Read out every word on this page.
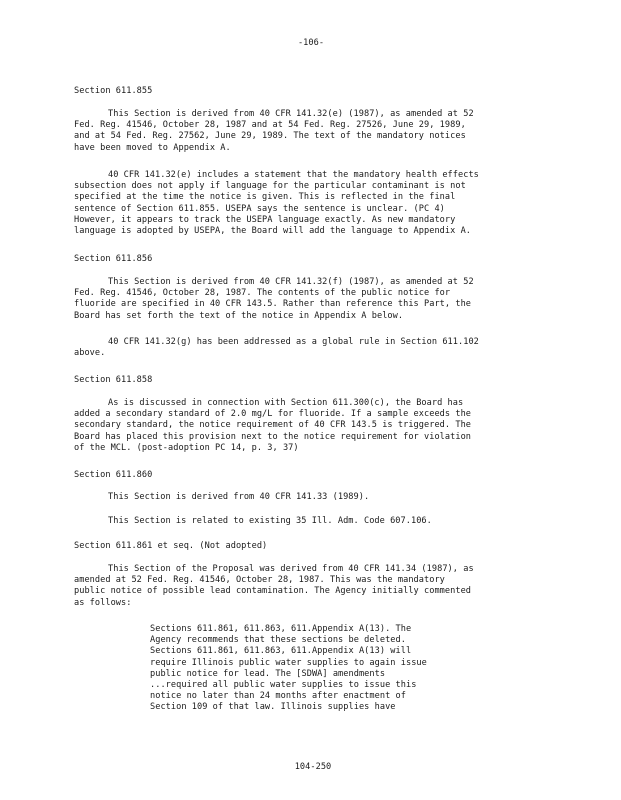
-106-
Section 611.855

This Section is derived from 40 CFR 141.32(e) (1987), as amended at 52
Fed. Reg. 41546, October 28, 1987 and at 54 Fed. Reg. 27526, June 29, 1989,
and at 54 Fed. Reg. 27562, June 29, 1989. The text of the mandatory notices
have been moved to Appendix A.

40 CFR 141.32(e) includes a statement that the mandatory health effects
subsection does not apply if language for the particular contaminant is not
specified at the time the notice is given. This is reflected in the final
sentence of Section 611.855. USEPA says the sentence is unclear. (PC 4)
However, it appears to track the USEPA language exactly. As new mandatory
language is adopted by USEPA, the Board will add the language to Appendix A.

Section 611.856

This Section is derived from 40 CFR 141.32(f) (1987), as amended at 52
Fed. Reg. 41546, October 28, 1987. The contents of the public notice for
fluoride are specified in 40 CFR 143.5. Rather than reference this Part, the
Board has set forth the text of the notice in Appendix A below.

40 CFR 141.32(g) has been addressed as a global rule in Section 611.102
above.

Section 611.858

As is discussed in connection with Section 611.300(c), the Board has
added a secondary standard of 2.0 mg/L for fluoride. If a sample exceeds the
secondary standard, the notice requirement of 40 CFR 143.5 is triggered. The
Board has placed this provision next to the notice requirement for violation
of the MCL. (post-adoption PC 14, p. 3, 37)

Section 611.860
This Section is derived from 40 CFR 141.33 (1989).
This Section is related to existing 35 Ill. Adm. Code 607.106.
Section 611.861 et seq. (Not adopted)

This Section of the Proposal was derived from 40 CFR 141.34 (1987), as
amended at 52 Fed. Reg. 41546, October 28, 1987. This was the mandatory
public notice of possible lead contamination. The Agency initially commented
as follows:

Sections 611.861, 611.863, 611.Appendix A(13). The
Agency recommends that these sections be deleted.
Sections 611.861, 611.863, 611.Appendix A(13) will
require Illinois public water supplies to again issue
public notice for lead. The [SDWA] amendments
...required all public water supplies to issue this
notice no later than 24 months after enactment of
Section 109 of that law. Illinois supplies have

104-250
